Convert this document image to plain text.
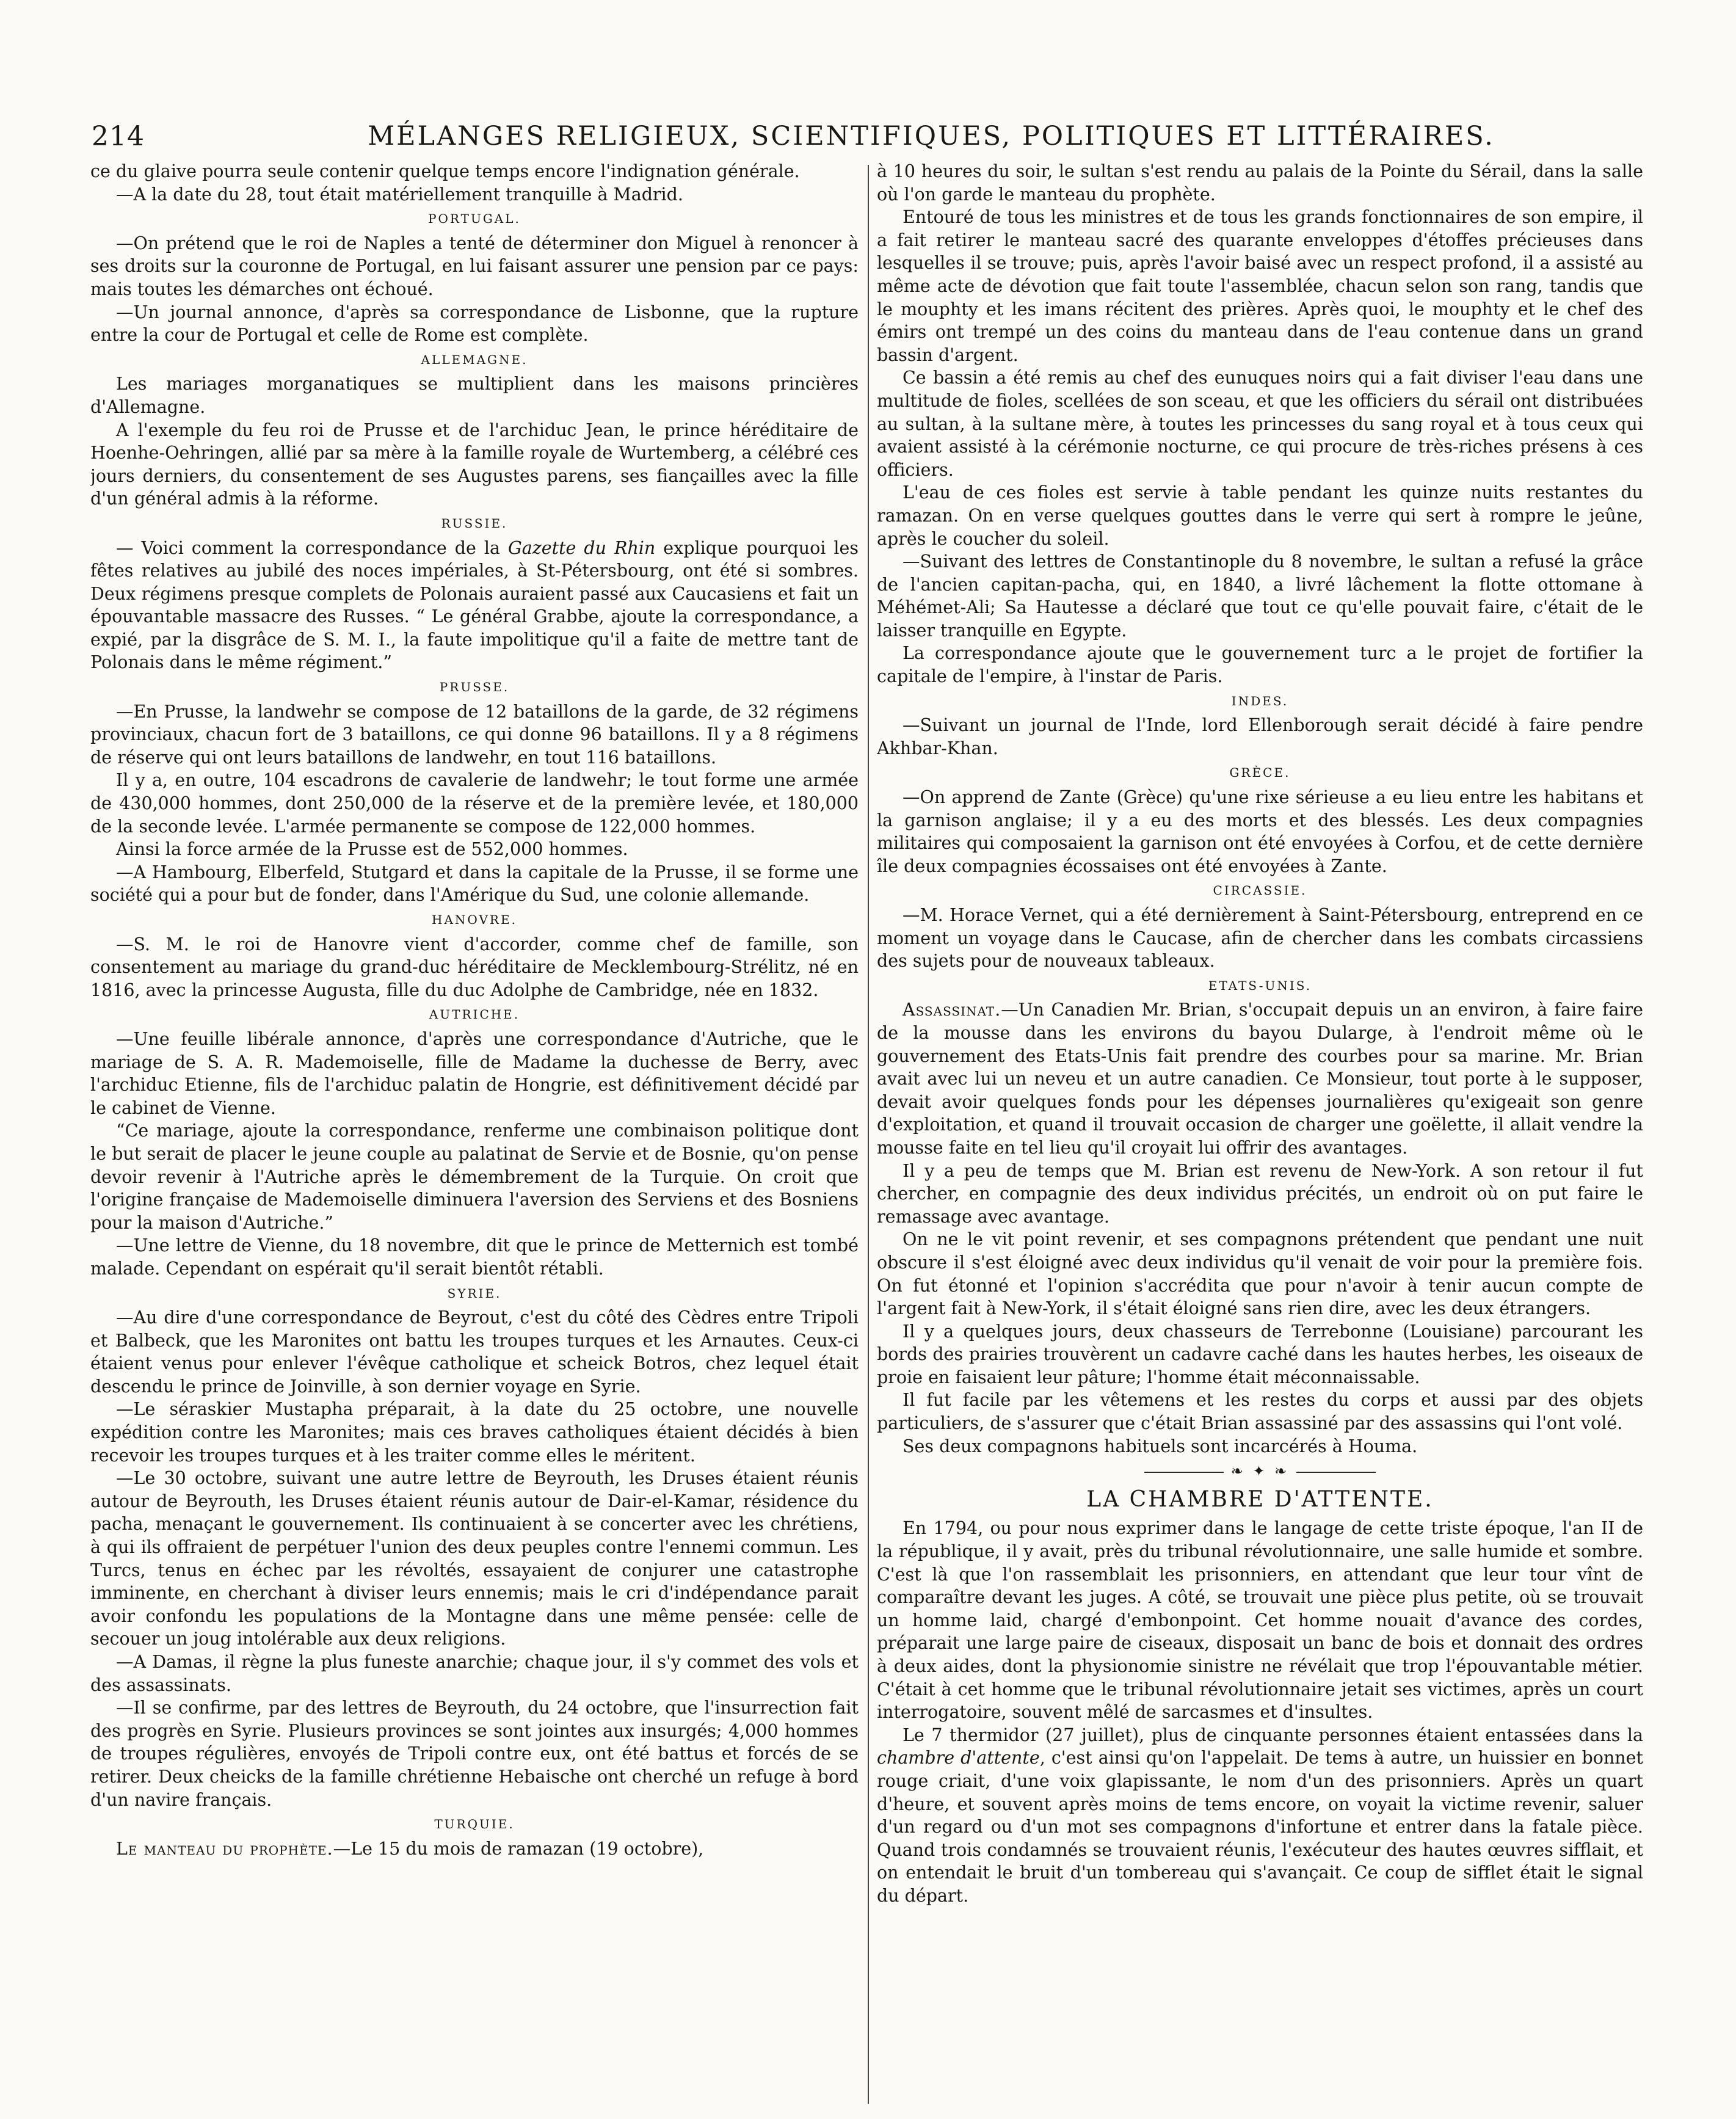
214	MÉLANGES RELIGIEUX, SCIENTIFIQUES, POLITIQUES ET LITTÉRAIRES.

ce du glaive pourra seule contenir quelque temps encore l'indignation générale.

—A la date du 28, tout était matériellement tranquille à Madrid.

PORTUGAL.

—On prétend que le roi de Naples a tenté de déterminer don Miguel à renoncer à ses droits sur la couronne de Portugal, en lui faisant assurer une pension par ce pays: mais toutes les démarches ont échoué.

—Un journal annonce, d'après sa correspondance de Lisbonne, que la rupture entre la cour de Portugal et celle de Rome est complète.

ALLEMAGNE.

Les mariages morganatiques se multiplient dans les maisons princières d'Allemagne.

A l'exemple du feu roi de Prusse et de l'archiduc Jean, le prince héréditaire de Hoenhe-Oehringen, allié par sa mère à la famille royale de Wurtemberg, a célébré ces jours derniers, du consentement de ses Augustes parens, ses fiançailles avec la fille d'un général admis à la réforme.

RUSSIE.

— Voici comment la correspondance de la Gazette du Rhin explique pourquoi les fêtes relatives au jubilé des noces impériales, à St-Pétersbourg, ont été si sombres. Deux régimens presque complets de Polonais auraient passé aux Caucasiens et fait un épouvantable massacre des Russes. “ Le général Grabbe, ajoute la correspondance, a expié, par la disgrâce de S. M. I., la faute impolitique qu'il a faite de mettre tant de Polonais dans le même régiment.”

PRUSSE.

—En Prusse, la landwehr se compose de 12 bataillons de la garde, de 32 régimens provinciaux, chacun fort de 3 bataillons, ce qui donne 96 bataillons. Il y a 8 régimens de réserve qui ont leurs bataillons de landwehr, en tout 116 bataillons.

Il y a, en outre, 104 escadrons de cavalerie de landwehr; le tout forme une armée de 430,000 hommes, dont 250,000 de la réserve et de la première levée, et 180,000 de la seconde levée. L'armée permanente se compose de 122,000 hommes.

Ainsi la force armée de la Prusse est de 552,000 hommes.

—A Hambourg, Elberfeld, Stutgard et dans la capitale de la Prusse, il se forme une société qui a pour but de fonder, dans l'Amérique du Sud, une colonie allemande.

HANOVRE.

—S. M. le roi de Hanovre vient d'accorder, comme chef de famille, son consentement au mariage du grand-duc héréditaire de Mecklembourg-Strélitz, né en 1816, avec la princesse Augusta, fille du duc Adolphe de Cambridge, née en 1832.

AUTRICHE.

—Une feuille libérale annonce, d'après une correspondance d'Autriche, que le mariage de S. A. R. Mademoiselle, fille de Madame la duchesse de Berry, avec l'archiduc Etienne, fils de l'archiduc palatin de Hongrie, est définitivement décidé par le cabinet de Vienne.

“Ce mariage, ajoute la correspondance, renferme une combinaison politique dont le but serait de placer le jeune couple au palatinat de Servie et de Bosnie, qu'on pense devoir revenir à l'Autriche après le démembrement de la Turquie. On croit que l'origine française de Mademoiselle diminuera l'aversion des Serviens et des Bosniens pour la maison d'Autriche.”

—Une lettre de Vienne, du 18 novembre, dit que le prince de Metternich est tombé malade. Cependant on espérait qu'il serait bientôt rétabli.

SYRIE.

—Au dire d'une correspondance de Beyrout, c'est du côté des Cèdres entre Tripoli et Balbeck, que les Maronites ont battu les troupes turques et les Arnautes. Ceux-ci étaient venus pour enlever l'évêque catholique et scheick Botros, chez lequel était descendu le prince de Joinville, à son dernier voyage en Syrie.

—Le séraskier Mustapha préparait, à la date du 25 octobre, une nouvelle expédition contre les Maronites; mais ces braves catholiques étaient décidés à bien recevoir les troupes turques et à les traiter comme elles le méritent.

—Le 30 octobre, suivant une autre lettre de Beyrouth, les Druses étaient réunis autour de Beyrouth, les Druses étaient réunis autour de Dair-el-Kamar, résidence du pacha, menaçant le gouvernement. Ils continuaient à se concerter avec les chrétiens, à qui ils offraient de perpétuer l'union des deux peuples contre l'ennemi commun. Les Turcs, tenus en échec par les révoltés, essayaient de conjurer une catastrophe imminente, en cherchant à diviser leurs ennemis; mais le cri d'indépendance parait avoir confondu les populations de la Montagne dans une même pensée: celle de secouer un joug intolérable aux deux religions.

—A Damas, il règne la plus funeste anarchie; chaque jour, il s'y commet des vols et des assassinats.

—Il se confirme, par des lettres de Beyrouth, du 24 octobre, que l'insurrection fait des progrès en Syrie. Plusieurs provinces se sont jointes aux insurgés; 4,000 hommes de troupes régulières, envoyés de Tripoli contre eux, ont été battus et forcés de se retirer. Deux cheicks de la famille chrétienne Hebaische ont cherché un refuge à bord d'un navire français.

TURQUIE.

Le manteau du prophète.—Le 15 du mois de ramazan (19 octobre),

à 10 heures du soir, le sultan s'est rendu au palais de la Pointe du Sérail, dans la salle où l'on garde le manteau du prophète.

Entouré de tous les ministres et de tous les grands fonctionnaires de son empire, il a fait retirer le manteau sacré des quarante enveloppes d'étoffes précieuses dans lesquelles il se trouve; puis, après l'avoir baisé avec un respect profond, il a assisté au même acte de dévotion que fait toute l'assemblée, chacun selon son rang, tandis que le mouphty et les imans récitent des prières. Après quoi, le mouphty et le chef des émirs ont trempé un des coins du manteau dans de l'eau contenue dans un grand bassin d'argent.

Ce bassin a été remis au chef des eunuques noirs qui a fait diviser l'eau dans une multitude de fioles, scellées de son sceau, et que les officiers du sérail ont distribuées au sultan, à la sultane mère, à toutes les princesses du sang royal et à tous ceux qui avaient assisté à la cérémonie nocturne, ce qui procure de très-riches présens à ces officiers.

L'eau de ces fioles est servie à table pendant les quinze nuits restantes du ramazan. On en verse quelques gouttes dans le verre qui sert à rompre le jeûne, après le coucher du soleil.

—Suivant des lettres de Constantinople du 8 novembre, le sultan a refusé la grâce de l'ancien capitan-pacha, qui, en 1840, a livré lâchement la flotte ottomane à Méhémet-Ali; Sa Hautesse a déclaré que tout ce qu'elle pouvait faire, c'était de le laisser tranquille en Egypte.

La correspondance ajoute que le gouvernement turc a le projet de fortifier la capitale de l'empire, à l'instar de Paris.

INDES.

—Suivant un journal de l'Inde, lord Ellenborough serait décidé à faire pendre Akhbar-Khan.

GRÈCE.

—On apprend de Zante (Grèce) qu'une rixe sérieuse a eu lieu entre les habitans et la garnison anglaise; il y a eu des morts et des blessés. Les deux compagnies militaires qui composaient la garnison ont été envoyées à Corfou, et de cette dernière île deux compagnies écossaises ont été envoyées à Zante.

CIRCASSIE.

—M. Horace Vernet, qui a été dernièrement à Saint-Pétersbourg, entreprend en ce moment un voyage dans le Caucase, afin de chercher dans les combats circassiens des sujets pour de nouveaux tableaux.

ETATS-UNIS.

Assassinat.—Un Canadien Mr. Brian, s'occupait depuis un an environ, à faire faire de la mousse dans les environs du bayou Dularge, à l'endroit même où le gouvernement des Etats-Unis fait prendre des courbes pour sa marine. Mr. Brian avait avec lui un neveu et un autre canadien. Ce Monsieur, tout porte à le supposer, devait avoir quelques fonds pour les dépenses journalières qu'exigeait son genre d'exploitation, et quand il trouvait occasion de charger une goëlette, il allait vendre la mousse faite en tel lieu qu'il croyait lui offrir des avantages.

Il y a peu de temps que M. Brian est revenu de New-York. A son retour il fut chercher, en compagnie des deux individus précités, un endroit où on put faire le remassage avec avantage.

On ne le vit point revenir, et ses compagnons prétendent que pendant une nuit obscure il s'est éloigné avec deux individus qu'il venait de voir pour la première fois. On fut étonné et l'opinion s'accrédita que pour n'avoir à tenir aucun compte de l'argent fait à New-York, il s'était éloigné sans rien dire, avec les deux étrangers.

Il y a quelques jours, deux chasseurs de Terrebonne (Louisiane) parcourant les bords des prairies trouvèrent un cadavre caché dans les hautes herbes, les oiseaux de proie en faisaient leur pâture; l'homme était méconnaissable.

Il fut facile par les vêtemens et les restes du corps et aussi par des objets particuliers, de s'assurer que c'était Brian assassiné par des assassins qui l'ont volé.

Ses deux compagnons habituels sont incarcérés à Houma.

❧ ✦ ❧
LA CHAMBRE D'ATTENTE.

En 1794, ou pour nous exprimer dans le langage de cette triste époque, l'an II de la république, il y avait, près du tribunal révolutionnaire, une salle humide et sombre. C'est là que l'on rassemblait les prisonniers, en attendant que leur tour vînt de comparaître devant les juges. A côté, se trouvait une pièce plus petite, où se trouvait un homme laid, chargé d'embonpoint. Cet homme nouait d'avance des cordes, préparait une large paire de ciseaux, disposait un banc de bois et donnait des ordres à deux aides, dont la physionomie sinistre ne révélait que trop l'épouvantable métier. C'était à cet homme que le tribunal révolutionnaire jetait ses victimes, après un court interrogatoire, souvent mêlé de sarcasmes et d'insultes.

Le 7 thermidor (27 juillet), plus de cinquante personnes étaient entassées dans la chambre d'attente, c'est ainsi qu'on l'appelait. De tems à autre, un huissier en bonnet rouge criait, d'une voix glapissante, le nom d'un des prisonniers. Après un quart d'heure, et souvent après moins de tems encore, on voyait la victime revenir, saluer d'un regard ou d'un mot ses compagnons d'infortune et entrer dans la fatale pièce. Quand trois condamnés se trouvaient réunis, l'exécuteur des hautes œuvres sifflait, et on entendait le bruit d'un tombereau qui s'avançait. Ce coup de sifflet était le signal du départ.
